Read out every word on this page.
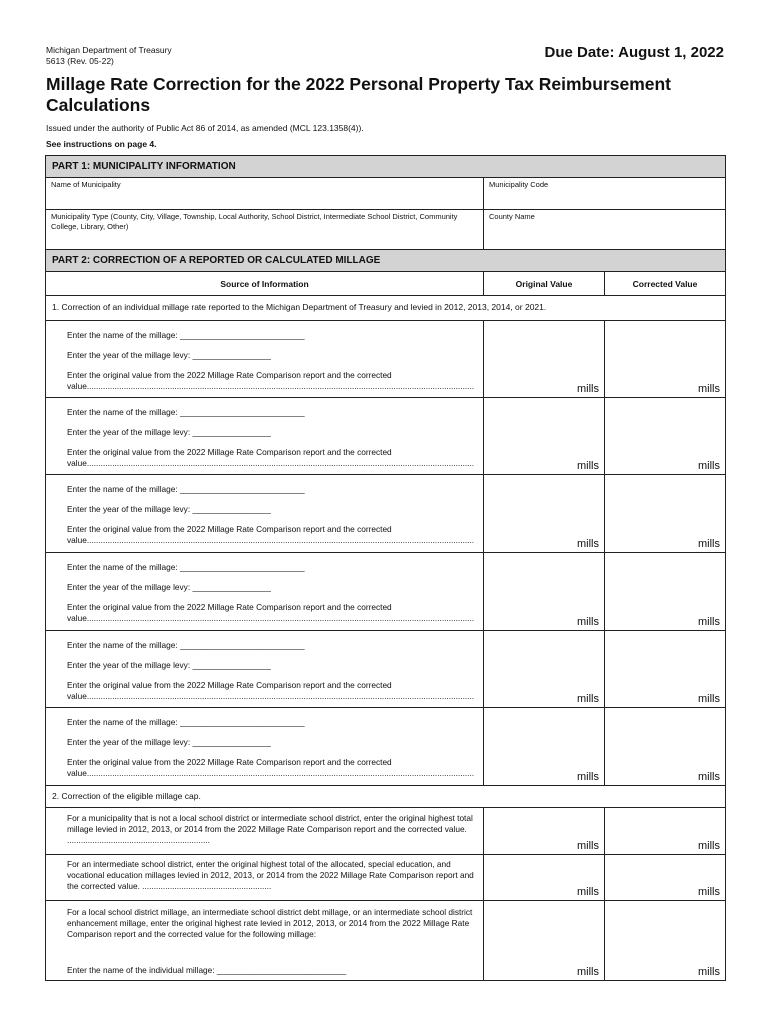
Michigan Department of Treasury
5613 (Rev. 05-22)	Due Date: August 1, 2022
Millage Rate Correction for the 2022 Personal Property Tax Reimbursement Calculations
Issued under the authority of Public Act 86 of 2014, as amended (MCL 123.1358(4)).
See instructions on page 4.
PART 1: MUNICIPALITY INFORMATION
Name of Municipality	Municipality Code
Municipality Type (County, City, Village, Township, Local Authority, School District, Intermediate School District, Community College, Library, Other)
County Name
PART 2: CORRECTION OF A REPORTED OR CALCULATED MILLAGE
Source of Information	Original Value	Corrected Value
1. Correction of an individual millage rate reported to the Michigan Department of Treasury and levied in 2012, 2013, 2014, or 2021.
Enter the name of the millage: ___________________________
Enter the year of the millage levy: _________________
Enter the original value from the 2022 Millage Rate Comparison report and the corrected
value........................................................................................................................................................................	mills	mills
Enter the name of the millage: ___________________________
Enter the year of the millage levy: _________________
Enter the original value from the 2022 Millage Rate Comparison report and the corrected
value........................................................................................................................................................................	mills	mills
Enter the name of the millage: ___________________________
Enter the year of the millage levy: _________________
Enter the original value from the 2022 Millage Rate Comparison report and the corrected
value........................................................................................................................................................................	mills	mills
Enter the name of the millage: ___________________________
Enter the year of the millage levy: _________________
Enter the original value from the 2022 Millage Rate Comparison report and the corrected
value........................................................................................................................................................................	mills	mills
Enter the name of the millage: ___________________________
Enter the year of the millage levy: _________________
Enter the original value from the 2022 Millage Rate Comparison report and the corrected
value........................................................................................................................................................................	mills	mills
Enter the name of the millage: ___________________________
Enter the year of the millage levy: _________________
Enter the original value from the 2022 Millage Rate Comparison report and the corrected
value........................................................................................................................................................................	mills	mills
2. Correction of the eligible millage cap.
For a municipality that is not a local school district or intermediate school district, enter the original highest total millage levied in 2012, 2013, or 2014 from the 2022 Millage Rate Comparison report and the corrected value. ..............................................................	mills	mills
For an intermediate school district, enter the original highest total of the allocated, special education, and vocational education millages levied in 2012, 2013, or 2014 from the 2022 Millage Rate Comparison report and the corrected value. ........................................................	mills	mills
For a local school district millage, an intermediate school district debt millage, or an intermediate school district enhancement millage, enter the original highest rate levied in 2012, 2013, or 2014 from the 2022 Millage Rate Comparison report and the corrected value for the following millage:
Enter the name of the individual millage: ____________________________	mills	mills
